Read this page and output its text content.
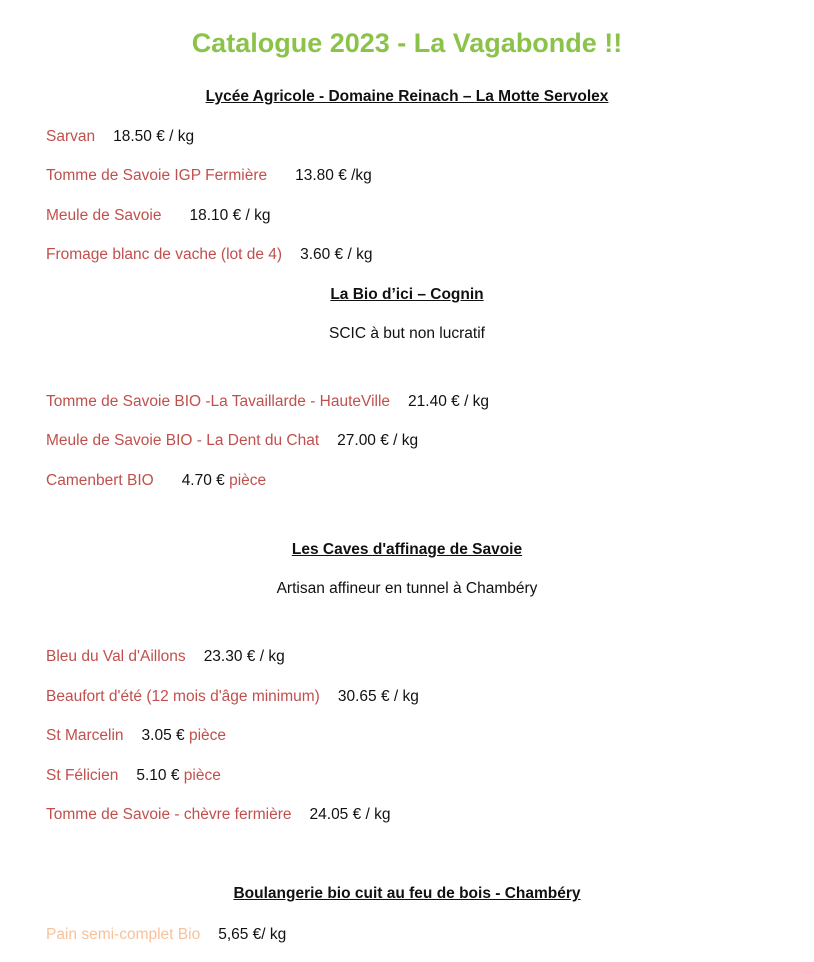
Catalogue 2023 - La Vagabonde !!
Lycée Agricole - Domaine Reinach – La Motte Servolex
Sarvan 18.50 € / kg
Tomme de Savoie IGP Fermière 13.80 € /kg
Meule de Savoie 18.10 € / kg
Fromage blanc de vache (lot de 4) 3.60 € / kg
La Bio d’ici – Cognin
SCIC à but non lucratif
Tomme de Savoie BIO -La Tavaillarde - HauteVille 21.40 € / kg
Meule de Savoie BIO - La Dent du Chat 27.00 € / kg
Camenbert BIO 4.70 € pièce
Les Caves d'affinage de Savoie
Artisan affineur en tunnel à Chambéry
Bleu du Val d'Aillons 23.30 € / kg
Beaufort d'été (12 mois d'âge minimum) 30.65 € / kg
St Marcelin 3.05 € pièce
St Félicien 5.10 € pièce
Tomme de Savoie - chèvre fermière 24.05 € / kg
Boulangerie bio cuit au feu de bois - Chambéry
Pain semi-complet Bio 5,65 €/ kg
